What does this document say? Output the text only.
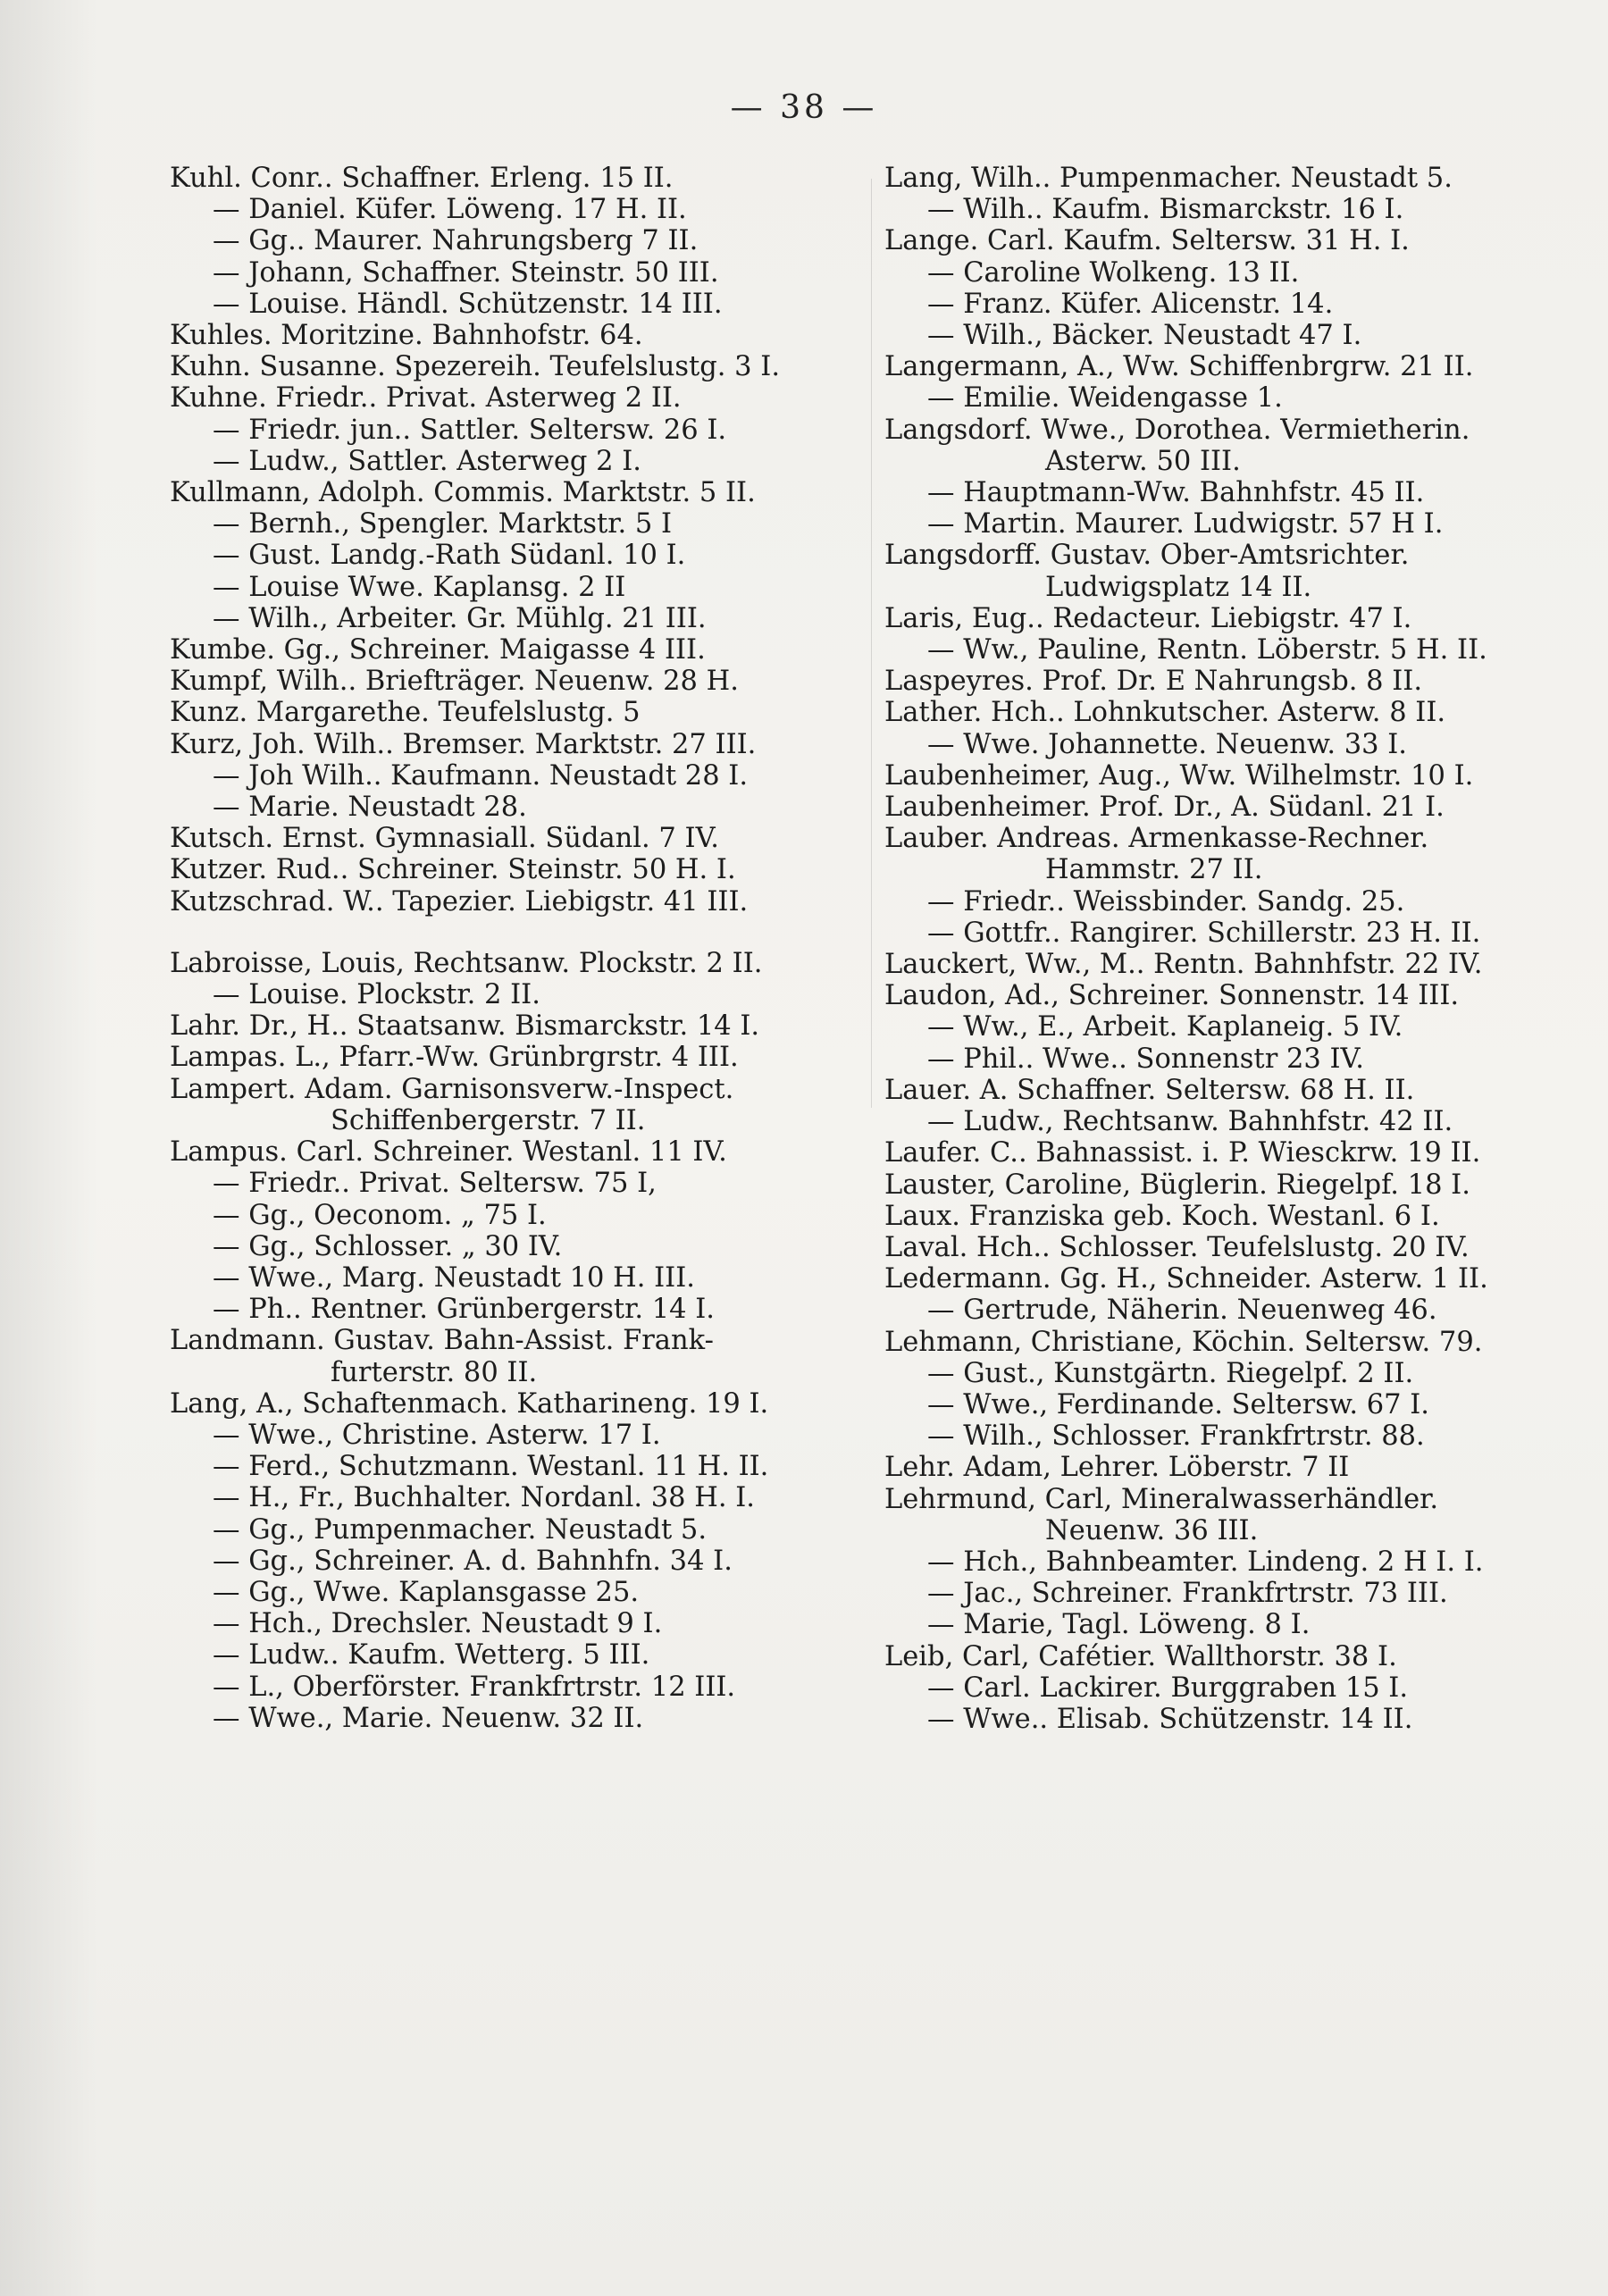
— 38 —
Kuhl. Conr.. Schaffner. Erleng. 15 II.
— Daniel. Küfer. Löweng. 17 H. II.
— Gg.. Maurer. Nahrungsberg 7 II.
— Johann, Schaffner. Steinstr. 50 III.
— Louise. Händl. Schützenstr. 14 III.
Kuhles. Moritzine. Bahnhofstr. 64.
Kuhn. Susanne. Spezereih. Teufelslustg. 3 I.
Kuhne. Friedr.. Privat. Asterweg 2 II.
— Friedr. jun.. Sattler. Seltersw. 26 I.
— Ludw., Sattler. Asterweg 2 I.
Kullmann, Adolph. Commis. Marktstr. 5 II.
— Bernh., Spengler. Marktstr. 5 I
— Gust. Landg.-Rath Südanl. 10 I.
— Louise Wwe. Kaplansg. 2 II
— Wilh., Arbeiter. Gr. Mühlg. 21 III.
Kumbe. Gg., Schreiner. Maigasse 4 III.
Kumpf, Wilh.. Briefträger. Neuenw. 28 H.
Kunz. Margarethe. Teufelslustg. 5
Kurz, Joh. Wilh.. Bremser. Marktstr. 27 III.
— Joh Wilh.. Kaufmann. Neustadt 28 I.
— Marie. Neustadt 28.
Kutsch. Ernst. Gymnasiall. Südanl. 7 IV.
Kutzer. Rud.. Schreiner. Steinstr. 50 H. I.
Kutzschrad. W.. Tapezier. Liebigstr. 41 III.
Labroisse, Louis, Rechtsanw. Plockstr. 2 II.
— Louise. Plockstr. 2 II.
Lahr. Dr., H.. Staatsanw. Bismarckstr. 14 I.
Lampas. L., Pfarr.-Ww. Grünbrgrstr. 4 III.
Lampert. Adam. Garnisonsverw.-Inspect.
Schiffenbergerstr. 7 II.
Lampus. Carl. Schreiner. Westanl. 11 IV.
— Friedr.. Privat. Seltersw. 75 I,
— Gg., Oeconom. „ 75 I.
— Gg., Schlosser. „ 30 IV.
— Wwe., Marg. Neustadt 10 H. III.
— Ph.. Rentner. Grünbergerstr. 14 I.
Landmann. Gustav. Bahn-Assist. Frank-
furterstr. 80 II.
Lang, A., Schaftenmach. Katharineng. 19 I.
— Wwe., Christine. Asterw. 17 I.
— Ferd., Schutzmann. Westanl. 11 H. II.
— H., Fr., Buchhalter. Nordanl. 38 H. I.
— Gg., Pumpenmacher. Neustadt 5.
— Gg., Schreiner. A. d. Bahnhfn. 34 I.
— Gg., Wwe. Kaplansgasse 25.
— Hch., Drechsler. Neustadt 9 I.
— Ludw.. Kaufm. Wetterg. 5 III.
— L., Oberförster. Frankfrtrstr. 12 III.
— Wwe., Marie. Neuenw. 32 II.
Lang, Wilh.. Pumpenmacher. Neustadt 5.
— Wilh.. Kaufm. Bismarckstr. 16 I.
Lange. Carl. Kaufm. Seltersw. 31 H. I.
— Caroline Wolkeng. 13 II.
— Franz. Küfer. Alicenstr. 14.
— Wilh., Bäcker. Neustadt 47 I.
Langermann, A., Ww. Schiffenbrgrw. 21 II.
— Emilie. Weidengasse 1.
Langsdorf. Wwe., Dorothea. Vermietherin.
Asterw. 50 III.
— Hauptmann-Ww. Bahnhfstr. 45 II.
— Martin. Maurer. Ludwigstr. 57 H I.
Langsdorff. Gustav. Ober-Amtsrichter.
Ludwigsplatz 14 II.
Laris, Eug.. Redacteur. Liebigstr. 47 I.
— Ww., Pauline, Rentn. Löberstr. 5 H. II.
Laspeyres. Prof. Dr. E Nahrungsb. 8 II.
Lather. Hch.. Lohnkutscher. Asterw. 8 II.
— Wwe. Johannette. Neuenw. 33 I.
Laubenheimer, Aug., Ww. Wilhelmstr. 10 I.
Laubenheimer. Prof. Dr., A. Südanl. 21 I.
Lauber. Andreas. Armenkasse-Rechner.
Hammstr. 27 II.
— Friedr.. Weissbinder. Sandg. 25.
— Gottfr.. Rangirer. Schillerstr. 23 H. II.
Lauckert, Ww., M.. Rentn. Bahnhfstr. 22 IV.
Laudon, Ad., Schreiner. Sonnenstr. 14 III.
— Ww., E., Arbeit. Kaplaneig. 5 IV.
— Phil.. Wwe.. Sonnenstr 23 IV.
Lauer. A. Schaffner. Seltersw. 68 H. II.
— Ludw., Rechtsanw. Bahnhfstr. 42 II.
Laufer. C.. Bahnassist. i. P. Wiesckrw. 19 II.
Lauster, Caroline, Büglerin. Riegelpf. 18 I.
Laux. Franziska geb. Koch. Westanl. 6 I.
Laval. Hch.. Schlosser. Teufelslustg. 20 IV.
Ledermann. Gg. H., Schneider. Asterw. 1 II.
— Gertrude, Näherin. Neuenweg 46.
Lehmann, Christiane, Köchin. Seltersw. 79.
— Gust., Kunstgärtn. Riegelpf. 2 II.
— Wwe., Ferdinande. Seltersw. 67 I.
— Wilh., Schlosser. Frankfrtrstr. 88.
Lehr. Adam, Lehrer. Löberstr. 7 II
Lehrmund, Carl, Mineralwasserhändler.
Neuenw. 36 III.
— Hch., Bahnbeamter. Lindeng. 2 H I. I.
— Jac., Schreiner. Frankfrtrstr. 73 III.
— Marie, Tagl. Löweng. 8 I.
Leib, Carl, Cafétier. Wallthorstr. 38 I.
— Carl. Lackirer. Burggraben 15 I.
— Wwe.. Elisab. Schützenstr. 14 II.
